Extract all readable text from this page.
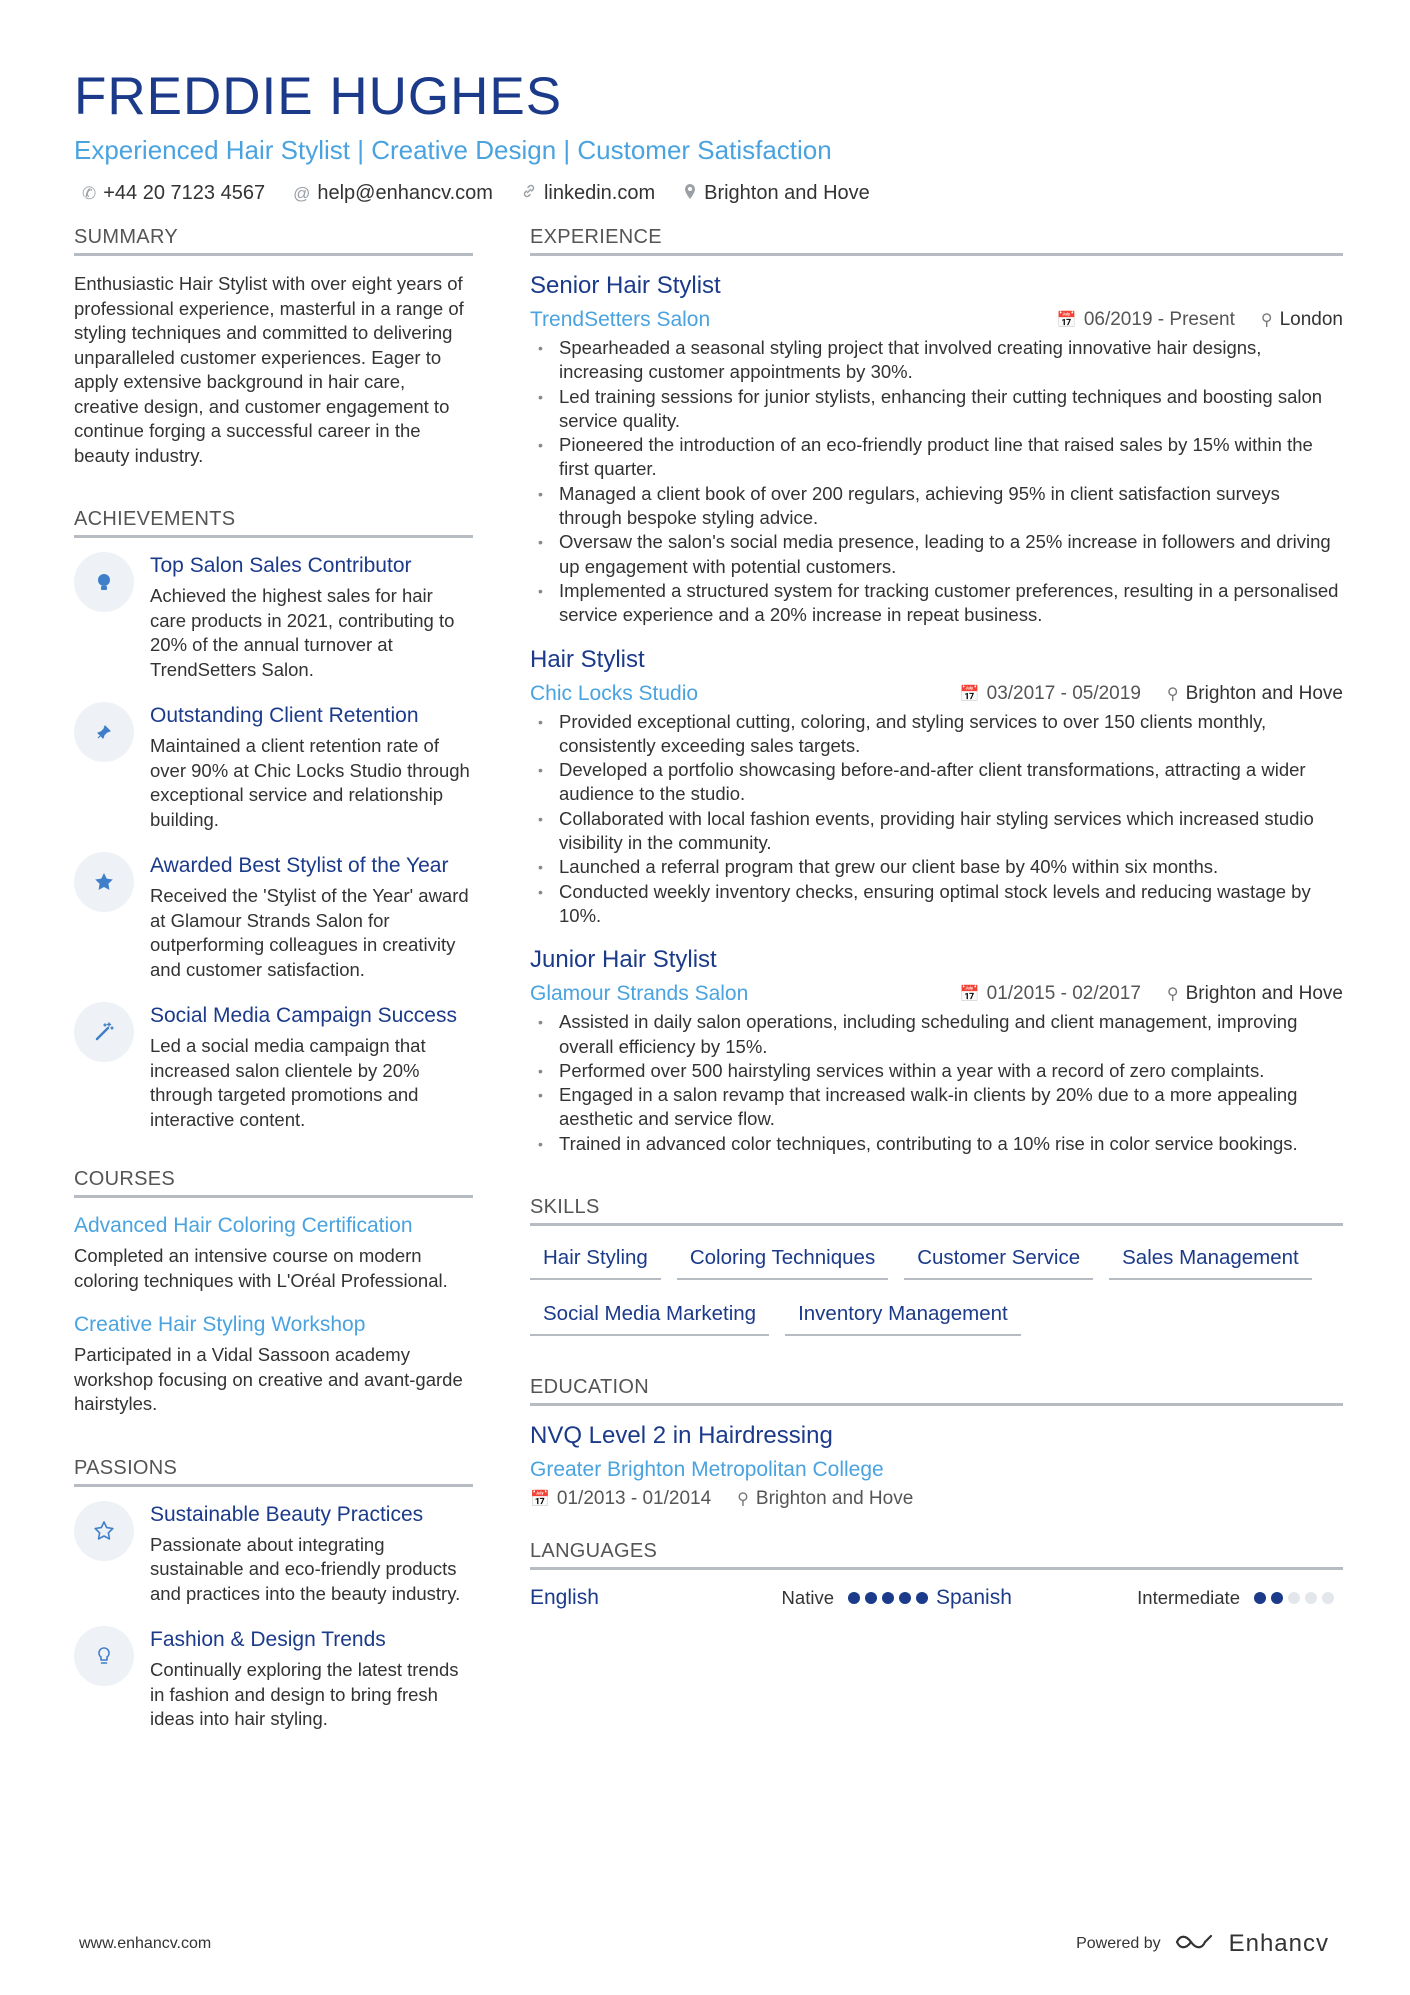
FREDDIE HUGHES
Experienced Hair Stylist | Creative Design | Customer Satisfaction
✆ +44 20 7123 4567 @ help@enhancv.com	linkedin.com Brighton and Hove
SUMMARY
Enthusiastic Hair Stylist with over eight years of professional experience, masterful in a range of styling techniques and committed to delivering unparalleled customer experiences. Eager to apply extensive background in hair care, creative design, and customer engagement to continue forging a successful career in the beauty industry.
ACHIEVEMENTS
Top Salon Sales Contributor
Achieved the highest sales for hair care products in 2021, contributing to 20% of the annual turnover at TrendSetters Salon.
Outstanding Client Retention
Maintained a client retention rate of over 90% at Chic Locks Studio through exceptional service and relationship building.
Awarded Best Stylist of the Year
Received the 'Stylist of the Year' award at Glamour Strands Salon for outperforming colleagues in creativity and customer satisfaction.
Social Media Campaign Success
Led a social media campaign that increased salon clientele by 20% through targeted promotions and interactive content.
COURSES
Advanced Hair Coloring Certification
Completed an intensive course on modern coloring techniques with L'Oréal Professional.
Creative Hair Styling Workshop
Participated in a Vidal Sassoon academy workshop focusing on creative and avant-garde hairstyles.
PASSIONS
Sustainable Beauty Practices
Passionate about integrating sustainable and eco-friendly products and practices into the beauty industry.
Fashion & Design Trends
Continually exploring the latest trends in fashion and design to bring fresh ideas into hair styling.
EXPERIENCE
Senior Hair Stylist
TrendSetters Salon	📅 06/2019 - Present ⚲ London
• Spearheaded a seasonal styling project that involved creating innovative hair designs, increasing customer appointments by 30%.
• Led training sessions for junior stylists, enhancing their cutting techniques and boosting salon service quality.
• Pioneered the introduction of an eco-friendly product line that raised sales by 15% within the first quarter.
• Managed a client book of over 200 regulars, achieving 95% in client satisfaction surveys through bespoke styling advice.
• Oversaw the salon's social media presence, leading to a 25% increase in followers and driving up engagement with potential customers.
• Implemented a structured system for tracking customer preferences, resulting in a personalised service experience and a 20% increase in repeat business.
Hair Stylist
Chic Locks Studio	📅 03/2017 - 05/2019 ⚲ Brighton and Hove
• Provided exceptional cutting, coloring, and styling services to over 150 clients monthly, consistently exceeding sales targets.
• Developed a portfolio showcasing before-and-after client transformations, attracting a wider audience to the studio.
• Collaborated with local fashion events, providing hair styling services which increased studio visibility in the community.
• Launched a referral program that grew our client base by 40% within six months.
• Conducted weekly inventory checks, ensuring optimal stock levels and reducing wastage by 10%.
Junior Hair Stylist
Glamour Strands Salon	📅 01/2015 - 02/2017 ⚲ Brighton and Hove
• Assisted in daily salon operations, including scheduling and client management, improving overall efficiency by 15%.
• Performed over 500 hairstyling services within a year with a record of zero complaints.
• Engaged in a salon revamp that increased walk-in clients by 20% due to a more appealing aesthetic and service flow.
• Trained in advanced color techniques, contributing to a 10% rise in color service bookings.
SKILLS
Hair Styling	Coloring Techniques	Customer Service	Sales Management
Social Media Marketing	Inventory Management
EDUCATION
NVQ Level 2 in Hairdressing
Greater Brighton Metropolitan College
📅 01/2013 - 01/2014 ⚲ Brighton and Hove
LANGUAGES
English	Native	Spanish	Intermediate
www.enhancv.com	Powered by	Enhancv
